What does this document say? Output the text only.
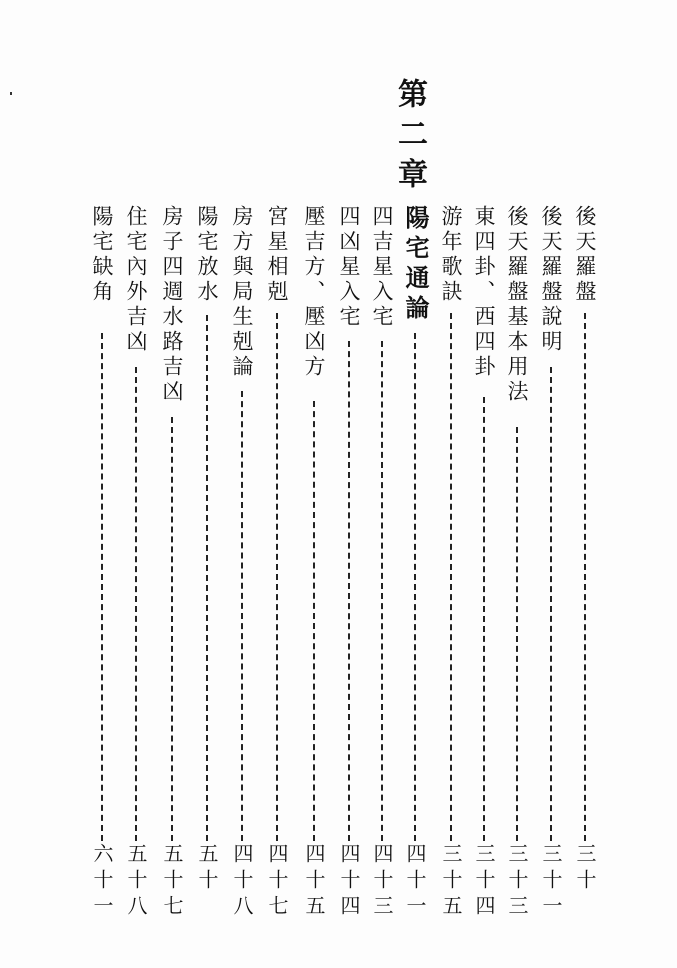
第二章
後天羅盤
三十
後天羅盤說明
三十一
後天羅盤基本用法
三十三
東四卦、西四卦
三十四
游年歌訣
三十五
陽宅通論
四十一
四吉星入宅
四十三
四凶星入宅
四十四
壓吉方、壓凶方
四十五
宮星相剋
四十七
房方與局生剋論
四十八
陽宅放水
五十
房子四週水路吉凶
五十七
住宅內外吉凶
五十八
陽宅缺角
六十一
